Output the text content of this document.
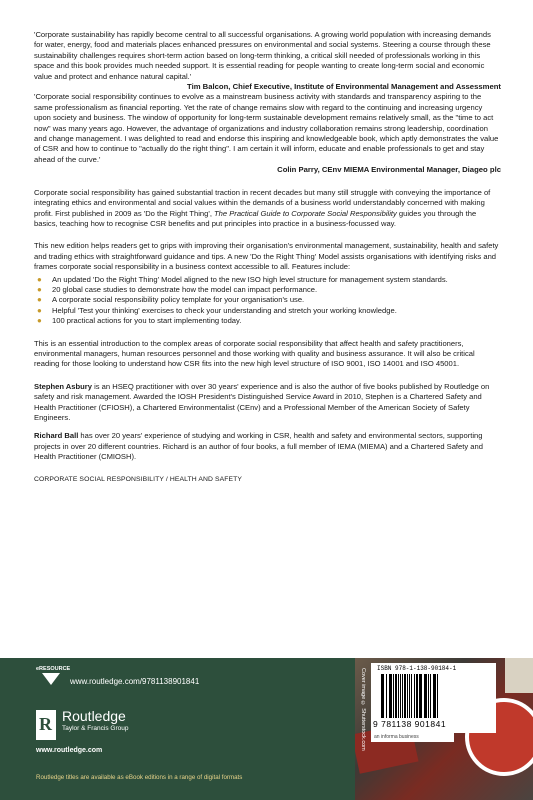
'Corporate sustainability has rapidly become central to all successful organisations. A growing world population with increasing demands for water, energy, food and materials places enhanced pressures on environmental and social systems. Steering a course through these sustainability challenges requires short-term action based on long-term thinking, a critical skill needed of professionals working in this space and this book provides much needed support. It is essential reading for people wanting to create long-term social and economic value and protect and enhance natural capital.'

Tim Balcon, Chief Executive, Institute of Environmental Management and Assessment

'Corporate social responsibility continues to evolve as a mainstream business activity with standards and transparency aspiring to the same professionalism as financial reporting. Yet the rate of change remains slow with regard to the continuing and increasing urgency upon society and business. The window of opportunity for long-term sustainable development remains relatively small, as the "time to act now" was many years ago. However, the advantage of organizations and industry collaboration remains strong leadership, coordination and change management. I was delighted to read and endorse this inspiring and knowledgeable book, which aptly demonstrates the value of CSR and how to continue to "actually do the right thing". I am certain it will inform, educate and enable professionals to get and stay ahead of the curve.'

Colin Parry, CEnv MIEMA Environmental Manager, Diageo plc

Corporate social responsibility has gained substantial traction in recent decades but many still struggle with conveying the importance of integrating ethics and environmental and social values within the demands of a business world understandably concerned with making profit. First published in 2009 as 'Do the Right Thing', The Practical Guide to Corporate Social Responsibility guides you through the basics, teaching how to recognise CSR benefits and put principles into practice in a business-focussed way.

This new edition helps readers get to grips with improving their organisation's environmental management, sustainability, health and safety and trading ethics with straightforward guidance and tips. A new 'Do the Right Thing' Model assists organisations with identifying risks and frames corporate social responsibility in a business context accessible to all. Features include:

● An updated 'Do the Right Thing' Model aligned to the new ISO high level structure for management system standards.
● 20 global case studies to demonstrate how the model can impact performance.
● A corporate social responsibility policy template for your organisation's use.
● Helpful 'Test your thinking' exercises to check your understanding and stretch your working knowledge.
● 100 practical actions for you to start implementing today.

This is an essential introduction to the complex areas of corporate social responsibility that affect health and safety practitioners, environmental managers, human resources personnel and those working with quality and business assurance. It will also be critical reading for those looking to understand how CSR fits into the new high level structure of ISO 9001, ISO 14001 and ISO 45001.

Stephen Asbury is an HSEQ practitioner with over 30 years' experience and is also the author of five books published by Routledge on safety and risk management. Awarded the IOSH President's Distinguished Service Award in 2010, Stephen is a Chartered Safety and Health Practitioner (CFIOSH), a Chartered Environmentalist (CEnv) and a Professional Member of the American Society of Safety Engineers.

Richard Ball has over 20 years' experience of studying and working in CSR, health and safety and environmental sectors, supporting projects in over 20 different countries. Richard is an author of four books, a full member of IEMA (MIEMA) and a Chartered Safety and Health Practitioner (CMIOSH).

CORPORATE SOCIAL RESPONSIBILITY / HEALTH AND SAFETY

eRESOURCE
www.routledge.com/9781138901841
R Routledge
Taylor & Francis Group
www.routledge.com
Routledge titles are available as eBook editions in a range of digital formats
Cover image © Shutterstock.com ISBN 978-1-138-90184-1
9 781138 901841
an informa business
